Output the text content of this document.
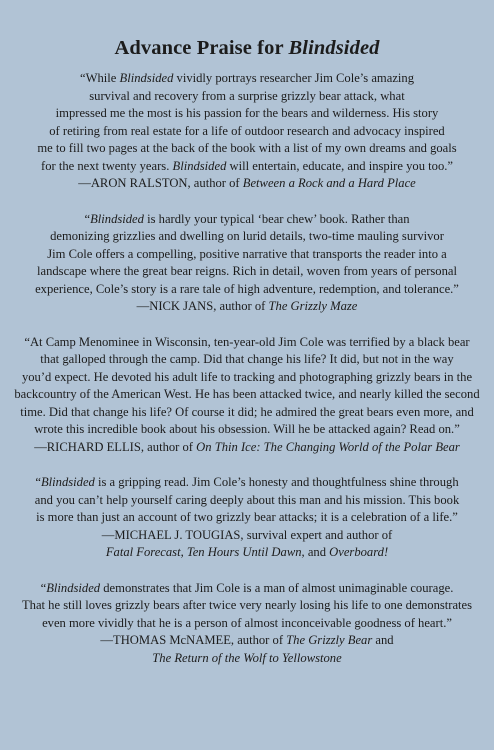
Advance Praise for Blindsided
“While Blindsided vividly portrays researcher Jim Cole’s amazing
survival and recovery from a surprise grizzly bear attack, what
impressed me the most is his passion for the bears and wilderness. His story
of retiring from real estate for a life of outdoor research and advocacy inspired
me to fill two pages at the back of the book with a list of my own dreams and goals
for the next twenty years. Blindsided will entertain, educate, and inspire you too.”
—ARON RALSTON, author of Between a Rock and a Hard Place
“Blindsided is hardly your typical ‘bear chew’ book. Rather than
demonizing grizzlies and dwelling on lurid details, two-time mauling survivor
Jim Cole offers a compelling, positive narrative that transports the reader into a
landscape where the great bear reigns. Rich in detail, woven from years of personal
experience, Cole’s story is a rare tale of high adventure, redemption, and tolerance.”
—NICK JANS, author of The Grizzly Maze
“At Camp Menominee in Wisconsin, ten-year-old Jim Cole was terrified by a black bear
that galloped through the camp. Did that change his life? It did, but not in the way
you’d expect. He devoted his adult life to tracking and photographing grizzly bears in the
backcountry of the American West. He has been attacked twice, and nearly killed the second
time. Did that change his life? Of course it did; he admired the great bears even more, and
wrote this incredible book about his obsession. Will he be attacked again? Read on.”
—RICHARD ELLIS, author of On Thin Ice: The Changing World of the Polar Bear
“Blindsided is a gripping read. Jim Cole’s honesty and thoughtfulness shine through
and you can’t help yourself caring deeply about this man and his mission. This book
is more than just an account of two grizzly bear attacks; it is a celebration of a life.”
—MICHAEL J. TOUGIAS, survival expert and author of
Fatal Forecast, Ten Hours Until Dawn, and Overboard!
“Blindsided demonstrates that Jim Cole is a man of almost unimaginable courage.
That he still loves grizzly bears after twice very nearly losing his life to one demonstrates
even more vividly that he is a person of almost inconceivable goodness of heart.”
—THOMAS McNAMEE, author of The Grizzly Bear and
The Return of the Wolf to Yellowstone
